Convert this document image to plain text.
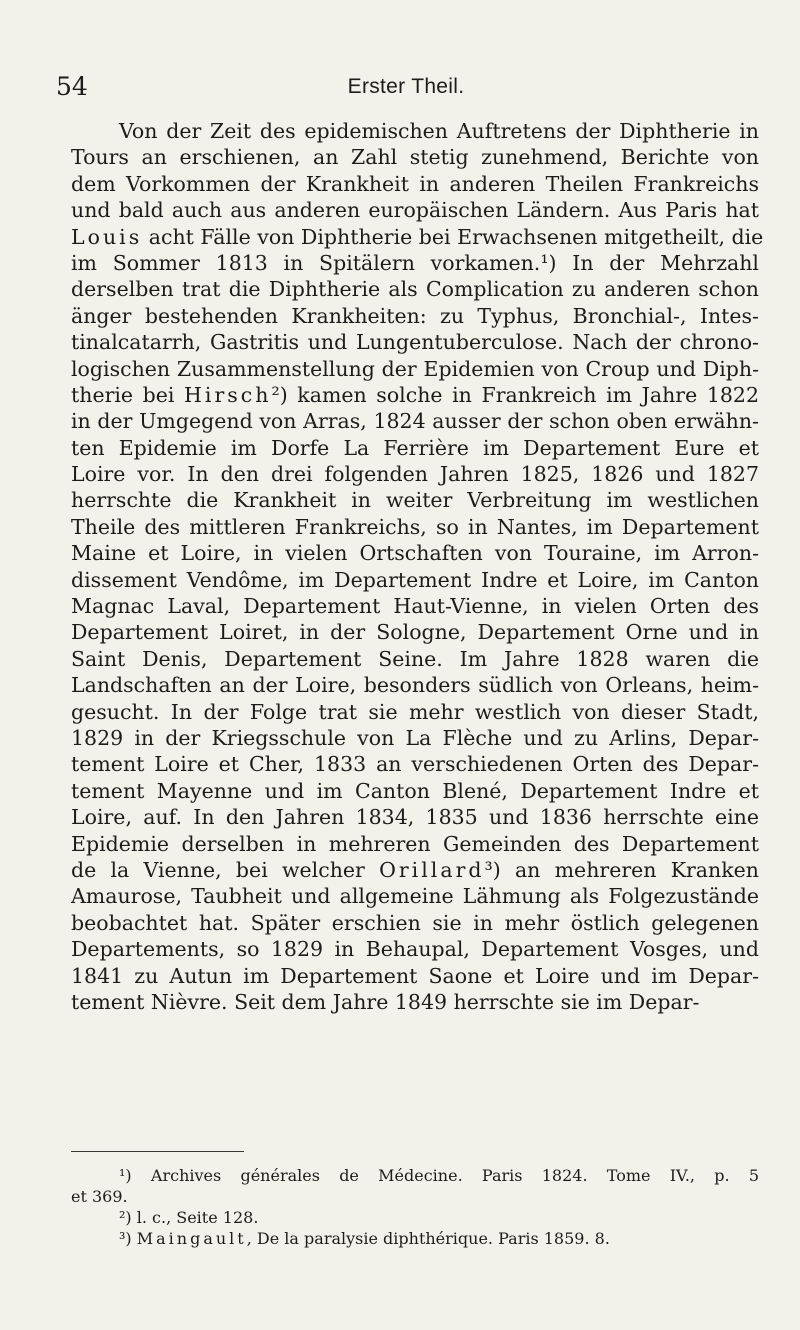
54	Erster Theil.
Von der Zeit des epidemischen Auftretens der Diphtherie in
Tours an erschienen, an Zahl stetig zunehmend, Berichte von
dem Vorkommen der Krankheit in anderen Theilen Frankreichs
und bald auch aus anderen europäischen Ländern. Aus Paris hat
Louis acht Fälle von Diphtherie bei Erwachsenen mitgetheilt, die
im Sommer 1813 in Spitälern vorkamen.¹) In der Mehrzahl
derselben trat die Diphtherie als Complication zu anderen schon
änger bestehenden Krankheiten: zu Typhus, Bronchial-, Intes-
tinalcatarrh, Gastritis und Lungentuberculose. Nach der chrono-
logischen Zusammenstellung der Epidemien von Croup und Diph-
therie bei Hirsch²) kamen solche in Frankreich im Jahre 1822
in der Umgegend von Arras, 1824 ausser der schon oben erwähn-
ten Epidemie im Dorfe La Ferrière im Departement Eure et
Loire vor. In den drei folgenden Jahren 1825, 1826 und 1827
herrschte die Krankheit in weiter Verbreitung im westlichen
Theile des mittleren Frankreichs, so in Nantes, im Departement
Maine et Loire, in vielen Ortschaften von Touraine, im Arron-
dissement Vendôme, im Departement Indre et Loire, im Canton
Magnac Laval, Departement Haut-Vienne, in vielen Orten des
Departement Loiret, in der Sologne, Departement Orne und in
Saint Denis, Departement Seine. Im Jahre 1828 waren die
Landschaften an der Loire, besonders südlich von Orleans, heim-
gesucht. In der Folge trat sie mehr westlich von dieser Stadt,
1829 in der Kriegsschule von La Flèche und zu Arlins, Depar-
tement Loire et Cher, 1833 an verschiedenen Orten des Depar-
tement Mayenne und im Canton Blené, Departement Indre et
Loire, auf. In den Jahren 1834, 1835 und 1836 herrschte eine
Epidemie derselben in mehreren Gemeinden des Departement
de la Vienne, bei welcher Orillard³) an mehreren Kranken
Amaurose, Taubheit und allgemeine Lähmung als Folgezustände
beobachtet hat. Später erschien sie in mehr östlich gelegenen
Departements, so 1829 in Behaupal, Departement Vosges, und
1841 zu Autun im Departement Saone et Loire und im Depar-
tement Nièvre. Seit dem Jahre 1849 herrschte sie im Depar-
¹) Archives générales de Médecine. Paris 1824. Tome IV., p. 5
et 369.
²) l. c., Seite 128.
³) Maingault, De la paralysie diphthérique. Paris 1859. 8.
